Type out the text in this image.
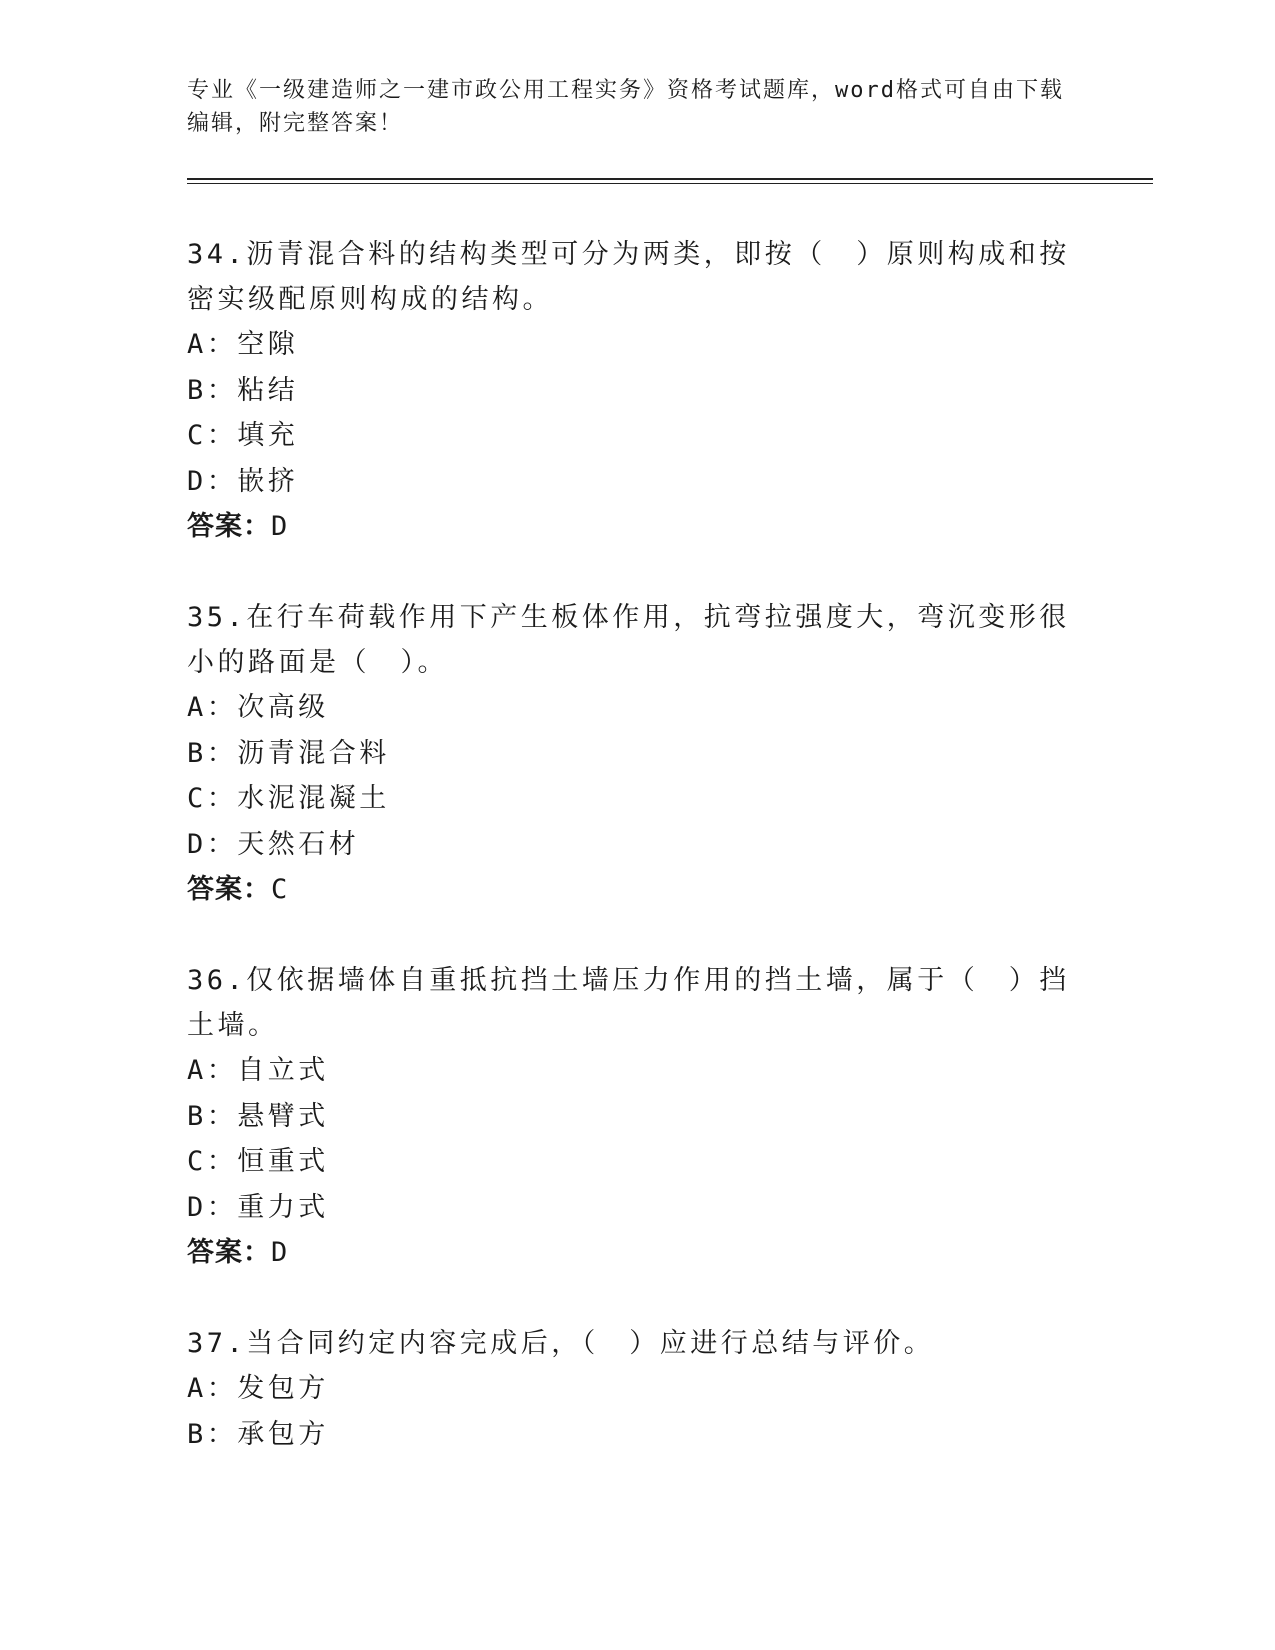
专业《一级建造师之一建市政公用工程实务》资格考试题库，word格式可自由下载编辑，附完整答案！

34.沥青混合料的结构类型可分为两类，即按（　）原则构成和按密实级配原则构成的结构。

A：空隙

B：粘结

C：填充

D：嵌挤

答案：D

35.在行车荷载作用下产生板体作用，抗弯拉强度大，弯沉变形很小的路面是（　）。

A：次高级

B：沥青混合料

C：水泥混凝土

D：天然石材

答案：C

36.仅依据墙体自重抵抗挡土墙压力作用的挡土墙，属于（　）挡土墙。

A：自立式

B：悬臂式

C：恒重式

D：重力式

答案：D

37.当合同约定内容完成后，（　）应进行总结与评价。

A：发包方

B：承包方
